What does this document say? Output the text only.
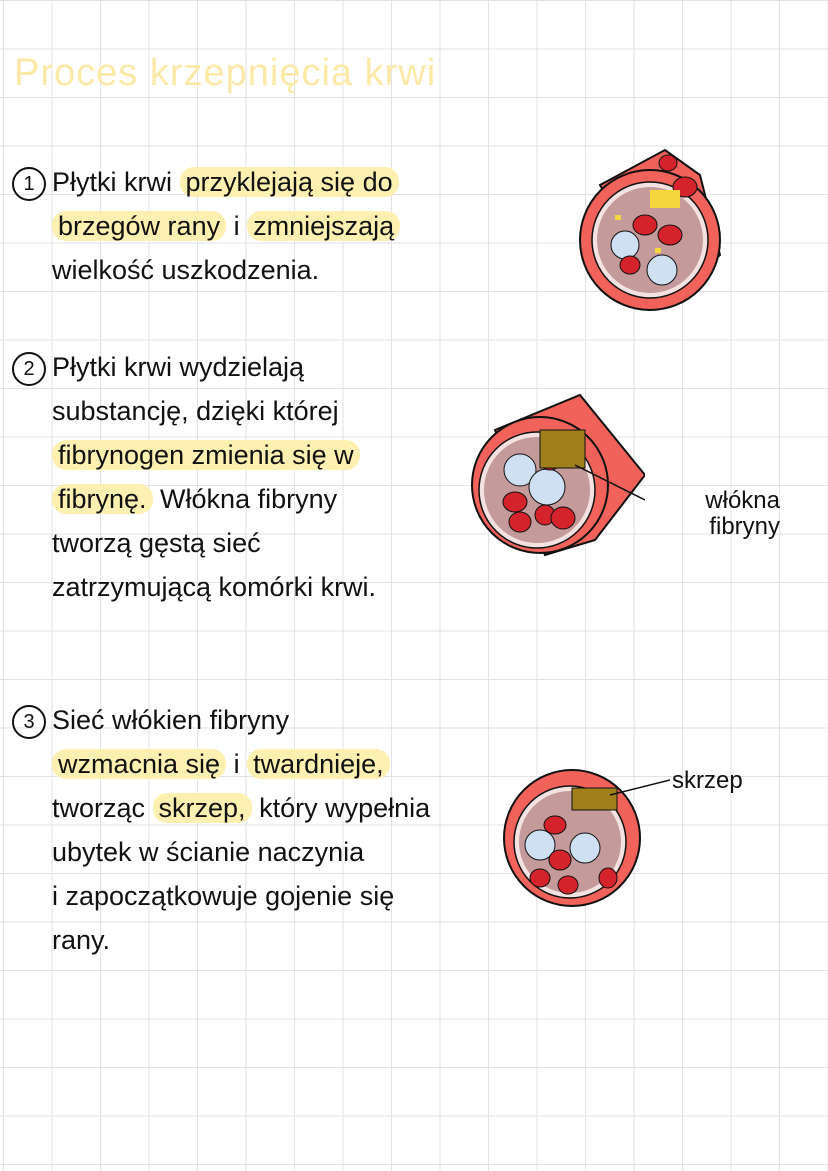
Proces krzepnięcia krwi
1 Płytki krwi przyklejają się do
brzegów rany i zmniejszają
wielkość uszkodzenia.
2 Płytki krwi wydzielają
substancję, dzięki której
fibrynogen zmienia się w
fibrynę. Włókna fibryny
tworzą gęstą sieć
zatrzymującą komórki krwi.
3 Sieć włókien fibryny
wzmacnia się i twardnieje,
tworząc skrzep, który wypełnia
ubytek w ścianie naczynia
i zapoczątkowuje gojenie się
rany.
włókna fibryny
skrzep
